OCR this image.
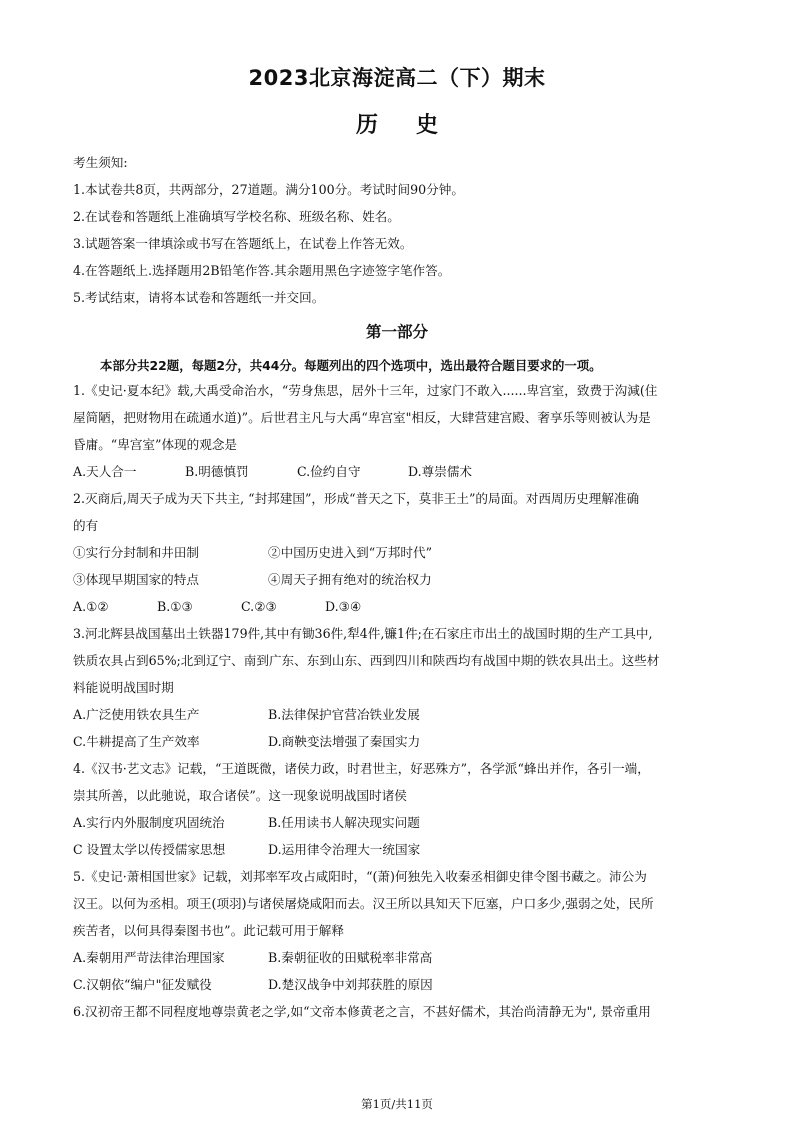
2023北京海淀高二（下）期末
历史
考生须知:
1.本试卷共8页，共两部分，27道题。满分100分。考试时间90分钟。
2.在试卷和答题纸上准确填写学校名称、班级名称、姓名。
3.试题答案一律填涂或书写在答题纸上，在试卷上作答无效。
4.在答题纸上.选择题用2B铅笔作答.其余题用黑色字迹签字笔作答。
5.考试结束，请将本试卷和答题纸一并交回。
第一部分
本部分共22题，每题2分，共44分。每题列出的四个选项中，选出最符合题目要求的一项。
1.《史记·夏本纪》载,大禹受命治水，“劳身焦思，居外十三年，过家门不敢入......卑宫室，致费于沟減(住
屋简陋，把财物用在疏通水道)”。后世君主凡与大禹“卑宫室"相反，大肆营建宫殿、奢享乐等则被认为是
昏庸。“卑宫室”体现的观念是
A.天人合一	B.明德慎罚	C.俭约自守	D.尊崇儒术
2.灭商后,周天子成为天下共主, “封邦建国”，形成“普天之下，莫非王土”的局面。对西周历史理解准确
的有
①实行分封制和井田制	②中国历史进入到“万邦时代”
③体现早期国家的特点	④周天子拥有绝对的统治权力
A.①②	B.①③	C.②③	D.③④
3.河北辉县战国墓出土铁器179件,其中有锄36件,犁4件,镰1件;在石家庄市出土的战国时期的生产工具中,
铁质农具占到65%;北到辽宁、南到广东、东到山东、西到四川和陕西均有战国中期的铁农具出土。这些材
料能说明战国时期
A.广泛使用铁农具生产	B.法律保护官营冶铁业发展
C.牛耕提高了生产效率	D.商鞅变法增强了秦国实力
4.《汉书·艺文志》记载，“王道既微，诸侯力政，时君世主，好恶殊方”，各学派“蜂出并作，各引一端，
崇其所善，以此驰说，取合诸侯”。这一现象说明战国时诸侯
A.实行内外服制度巩固统治	B.任用读书人解决现实问题
C 设置太学以传授儒家思想	D.运用律令治理大一统国家
5.《史记·萧相国世家》记载，刘邦率军攻占咸阳时，“(萧)何独先入收秦丞相御史律令图书藏之。沛公为
汉王。以何为丞相。项王(项羽)与诸侯屠烧咸阳而去。汉王所以具知天下厄塞，户口多少,强弱之处，民所
疾苦者，以何具得秦图书也”。此记载可用于解释
A.秦朝用严苛法律治理国家	B.秦朝征收的田赋税率非常高
C.汉朝依“编户"征发赋役	D.楚汉战争中刘邦获胜的原因
6.汉初帝王都不同程度地尊崇黄老之学,如“文帝本修黄老之言，不甚好儒术，其治尚清静无为", 景帝重用
第1页/共11页
